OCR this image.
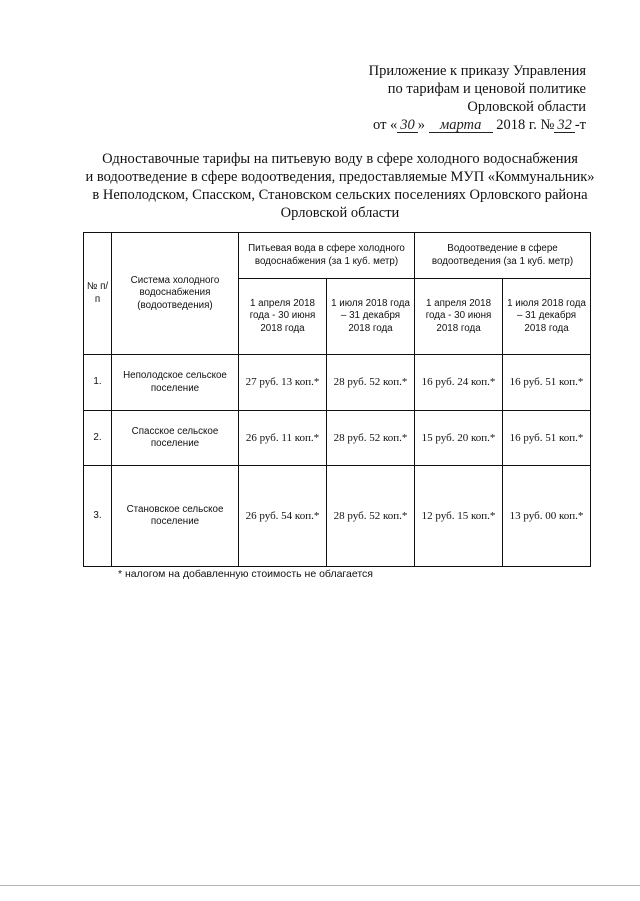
Приложение к приказу Управления
по тарифам и ценовой политике
Орловской области
от « 30 » марта 2018 г. № 32 -т
Одноставочные тарифы на питьевую воду в сфере холодного водоснабжения
и водоотведение в сфере водоотведения, предоставляемые МУП «Коммунальник»
в Неполодском, Спасском, Становском сельских поселениях Орловского района
Орловской области
№ п/п	Система холодного водоснабжения (водоотведения)	Питьевая вода в сфере холодного водоснабжения (за 1 куб. метр)		Водоотведение в сфере водоотведения (за 1 куб. метр)	
		1 апреля 2018 года - 30 июня 2018 года	1 июля 2018 года – 31 декабря 2018 года	1 апреля 2018 года - 30 июня 2018 года	1 июля 2018 года – 31 декабря 2018 года
1.	Неполодское сельское поселение	27 руб. 13 коп.*	28 руб. 52 коп.*	16 руб. 24 коп.*	16 руб. 51 коп.*
2.	Спасское сельское поселение	26 руб. 11 коп.*	28 руб. 52 коп.*	15 руб. 20 коп.*	16 руб. 51 коп.*
3.	Становское сельское поселение	26 руб. 54 коп.*	28 руб. 52 коп.*	12 руб. 15 коп.*	13 руб. 00 коп.*
* налогом на добавленную стоимость не облагается
